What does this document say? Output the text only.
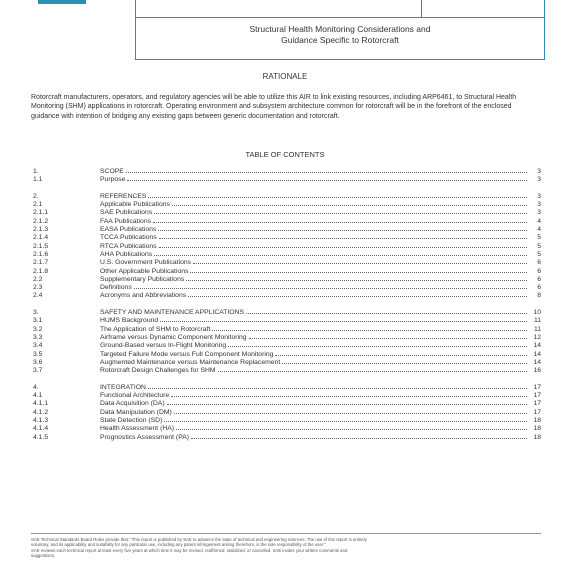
Structural Health Monitoring Considerations and
Guidance Specific to Rotorcraft
RATIONALE
Rotorcraft manufacturers, operators, and regulatory agencies will be able to utilize this AIR to link existing resources, including ARP6461, to Structural Health Monitoring (SHM) applications in rotorcraft. Operating environment and subsystem architecture common for rotorcraft will be in the forefront of the enclosed guidance with intention of bridging any existing gaps between generic documentation and rotorcraft.
TABLE OF CONTENTS
1.	SCOPE	3
1.1	Purpose	3
2.	REFERENCES	3
2.1	Applicable Publications	3
2.1.1	SAE Publications	3
2.1.2	FAA Publications	4
2.1.3	EASA Publications	4
2.1.4	TCCA Publications	5
2.1.5	RTCA Publications	5
2.1.6	AHA Publications	5
2.1.7	U.S. Government Publications	6
2.1.8	Other Applicable Publications	6
2.2	Supplementary Publications	6
2.3	Definitions	6
2.4	Acronyms and Abbreviations	8
3.	SAFETY AND MAINTENANCE APPLICATIONS	10
3.1	HUMS Background	11
3.2	The Application of SHM to Rotorcraft	11
3.3	Airframe versus Dynamic Component Monitoring	12
3.4	Ground-Based versus In-Flight Monitoring	14
3.5	Targeted Failure Mode versus Full Component Monitoring	14
3.6	Augmented Maintenance versus Maintenance Replacement	14
3.7	Rotorcraft Design Challenges for SHM	16
4.	INTEGRATION	17
4.1	Functional Architecture	17
4.1.1	Data Acquisition (DA)	17
4.1.2	Data Manipulation (DM)	17
4.1.3	State Detection (SD)	18
4.1.4	Health Assessment (HA)	18
4.1.5	Prognostics Assessment (PA)	18
SAE Technical Standards Board Rules provide that: "This report is published by SAE to advance the state of technical and engineering sciences. The use of this report is entirely
voluntary, and its applicability and suitability for any particular use, including any patent infringement arising therefrom, is the sole responsibility of the user."
SAE reviews each technical report at least every five years at which time it may be revised, reaffirmed, stabilized, or cancelled. SAE invites your written comments and
suggestions.
